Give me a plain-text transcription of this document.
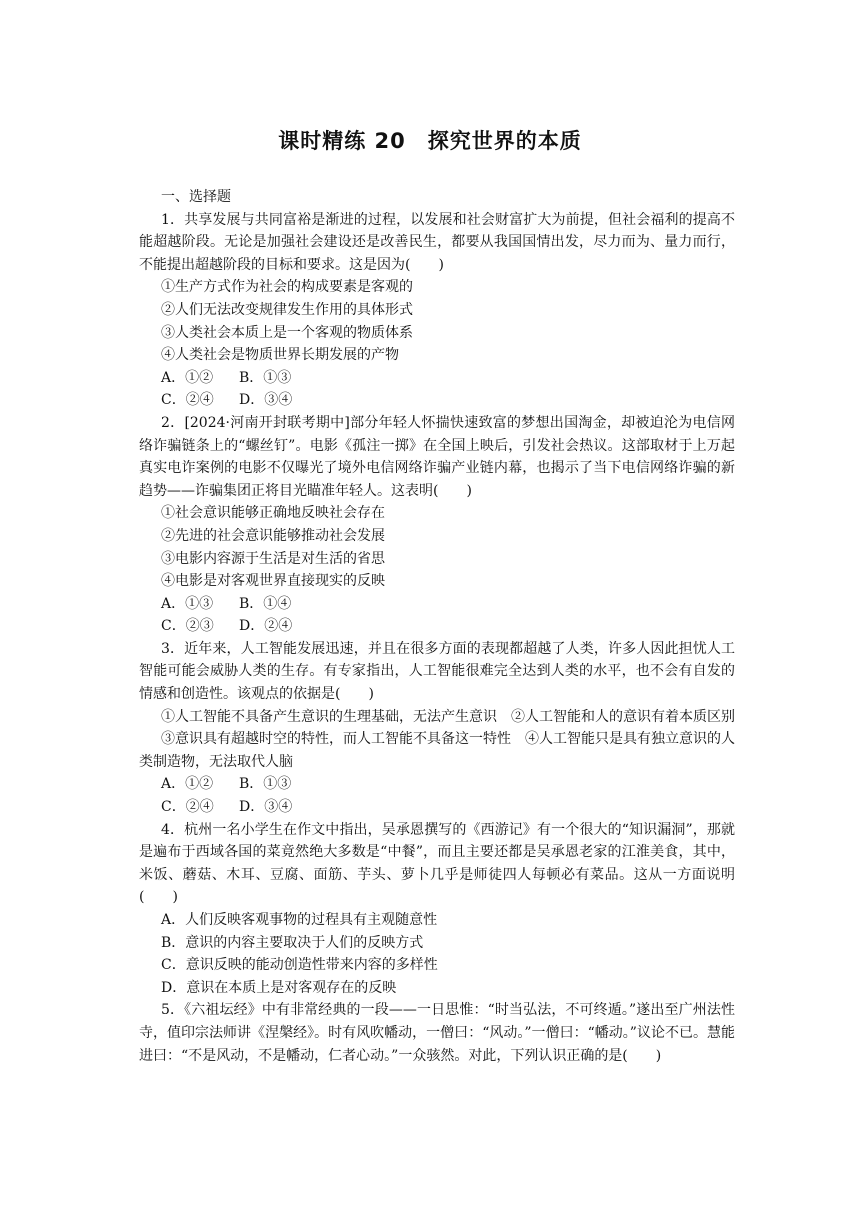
课时精练 20　探究世界的本质

一、选择题

1．共享发展与共同富裕是渐进的过程，以发展和社会财富扩大为前提，但社会福利的提高不能超越阶段。无论是加强社会建设还是改善民生，都要从我国国情出发，尽力而为、量力而行，不能提出超越阶段的目标和要求。这是因为(　　)

①生产方式作为社会的构成要素是客观的

②人们无法改变规律发生作用的具体形式

③人类社会本质上是一个客观的物质体系

④人类社会是物质世界长期发展的产物

A．①②	B．①③
C．②④	D．③④

2．[2024·河南开封联考期中]部分年轻人怀揣快速致富的梦想出国淘金，却被迫沦为电信网络诈骗链条上的“螺丝钉”。电影《孤注一掷》在全国上映后，引发社会热议。这部取材于上万起真实电诈案例的电影不仅曝光了境外电信网络诈骗产业链内幕，也揭示了当下电信网络诈骗的新趋势——诈骗集团正将目光瞄准年轻人。这表明(　　)

①社会意识能够正确地反映社会存在

②先进的社会意识能够推动社会发展

③电影内容源于生活是对生活的省思

④电影是对客观世界直接现实的反映

A．①③	B．①④
C．②③	D．②④

3．近年来，人工智能发展迅速，并且在很多方面的表现都超越了人类，许多人因此担忧人工智能可能会威胁人类的生存。有专家指出，人工智能很难完全达到人类的水平，也不会有自发的情感和创造性。该观点的依据是(　　)

①人工智能不具备产生意识的生理基础，无法产生意识　②人工智能和人的意识有着本质区别

③意识具有超越时空的特性，而人工智能不具备这一特性　④人工智能只是具有独立意识的人类制造物，无法取代人脑

A．①②	B．①③
C．②④	D．③④

4．杭州一名小学生在作文中指出，吴承恩撰写的《西游记》有一个很大的“知识漏洞”，那就是遍布于西域各国的菜竟然绝大多数是“中餐”，而且主要还都是吴承恩老家的江淮美食，其中，米饭、蘑菇、木耳、豆腐、面筋、芋头、萝卜几乎是师徒四人每顿必有菜品。这从一方面说明(　　)

A．人们反映客观事物的过程具有主观随意性

B．意识的内容主要取决于人们的反映方式

C．意识反映的能动创造性带来内容的多样性

D．意识在本质上是对客观存在的反映

5．《六祖坛经》中有非常经典的一段——一日思惟：“时当弘法，不可终遁。”遂出至广州法性寺，值印宗法师讲《涅槃经》。时有风吹幡动，一僧曰：“风动。”一僧曰：“幡动。”议论不已。慧能进曰：“不是风动，不是幡动，仁者心动。”一众骇然。对此，下列认识正确的是(　　)
